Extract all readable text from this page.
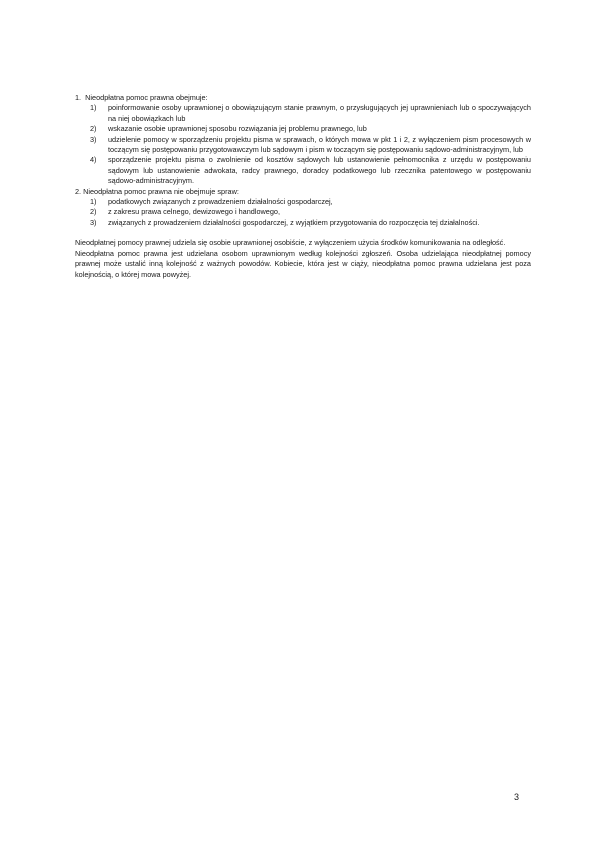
1.  Nieodpłatna pomoc prawna obejmuje:
1) poinformowanie osoby uprawnionej o obowiązującym stanie prawnym, o przysługujących jej uprawnieniach lub o spoczywających na niej obowiązkach lub
2) wskazanie osobie uprawnionej sposobu rozwiązania jej problemu prawnego, lub
3) udzielenie pomocy w sporządzeniu projektu pisma w sprawach, o których mowa w pkt 1 i 2, z wyłączeniem pism procesowych w toczącym się postępowaniu przygotowawczym lub sądowym i pism w toczącym się postępowaniu sądowo-administracyjnym, lub
4) sporządzenie projektu pisma o zwolnienie od kosztów sądowych lub ustanowienie pełnomocnika z urzędu w postępowaniu sądowym lub ustanowienie adwokata, radcy prawnego, doradcy podatkowego lub rzecznika patentowego w postępowaniu sądowo-administracyjnym.
2. Nieodpłatna pomoc prawna nie obejmuje spraw:
1) podatkowych związanych z prowadzeniem działalności gospodarczej,
2) z zakresu prawa celnego, dewizowego i handlowego,
3) związanych z prowadzeniem działalności gospodarczej, z wyjątkiem przygotowania do rozpoczęcia tej działalności.

Nieodpłatnej pomocy prawnej udziela się osobie uprawnionej osobiście, z wyłączeniem użycia środków komunikowania na odległość.

Nieodpłatna pomoc prawna jest udzielana osobom uprawnionym według kolejności zgłoszeń. Osoba udzielająca nieodpłatnej pomocy prawnej może ustalić inną kolejność z ważnych powodów. Kobiecie, która jest w ciąży, nieodpłatna pomoc prawna udzielana jest poza kolejnością, o której mowa powyżej.

3
